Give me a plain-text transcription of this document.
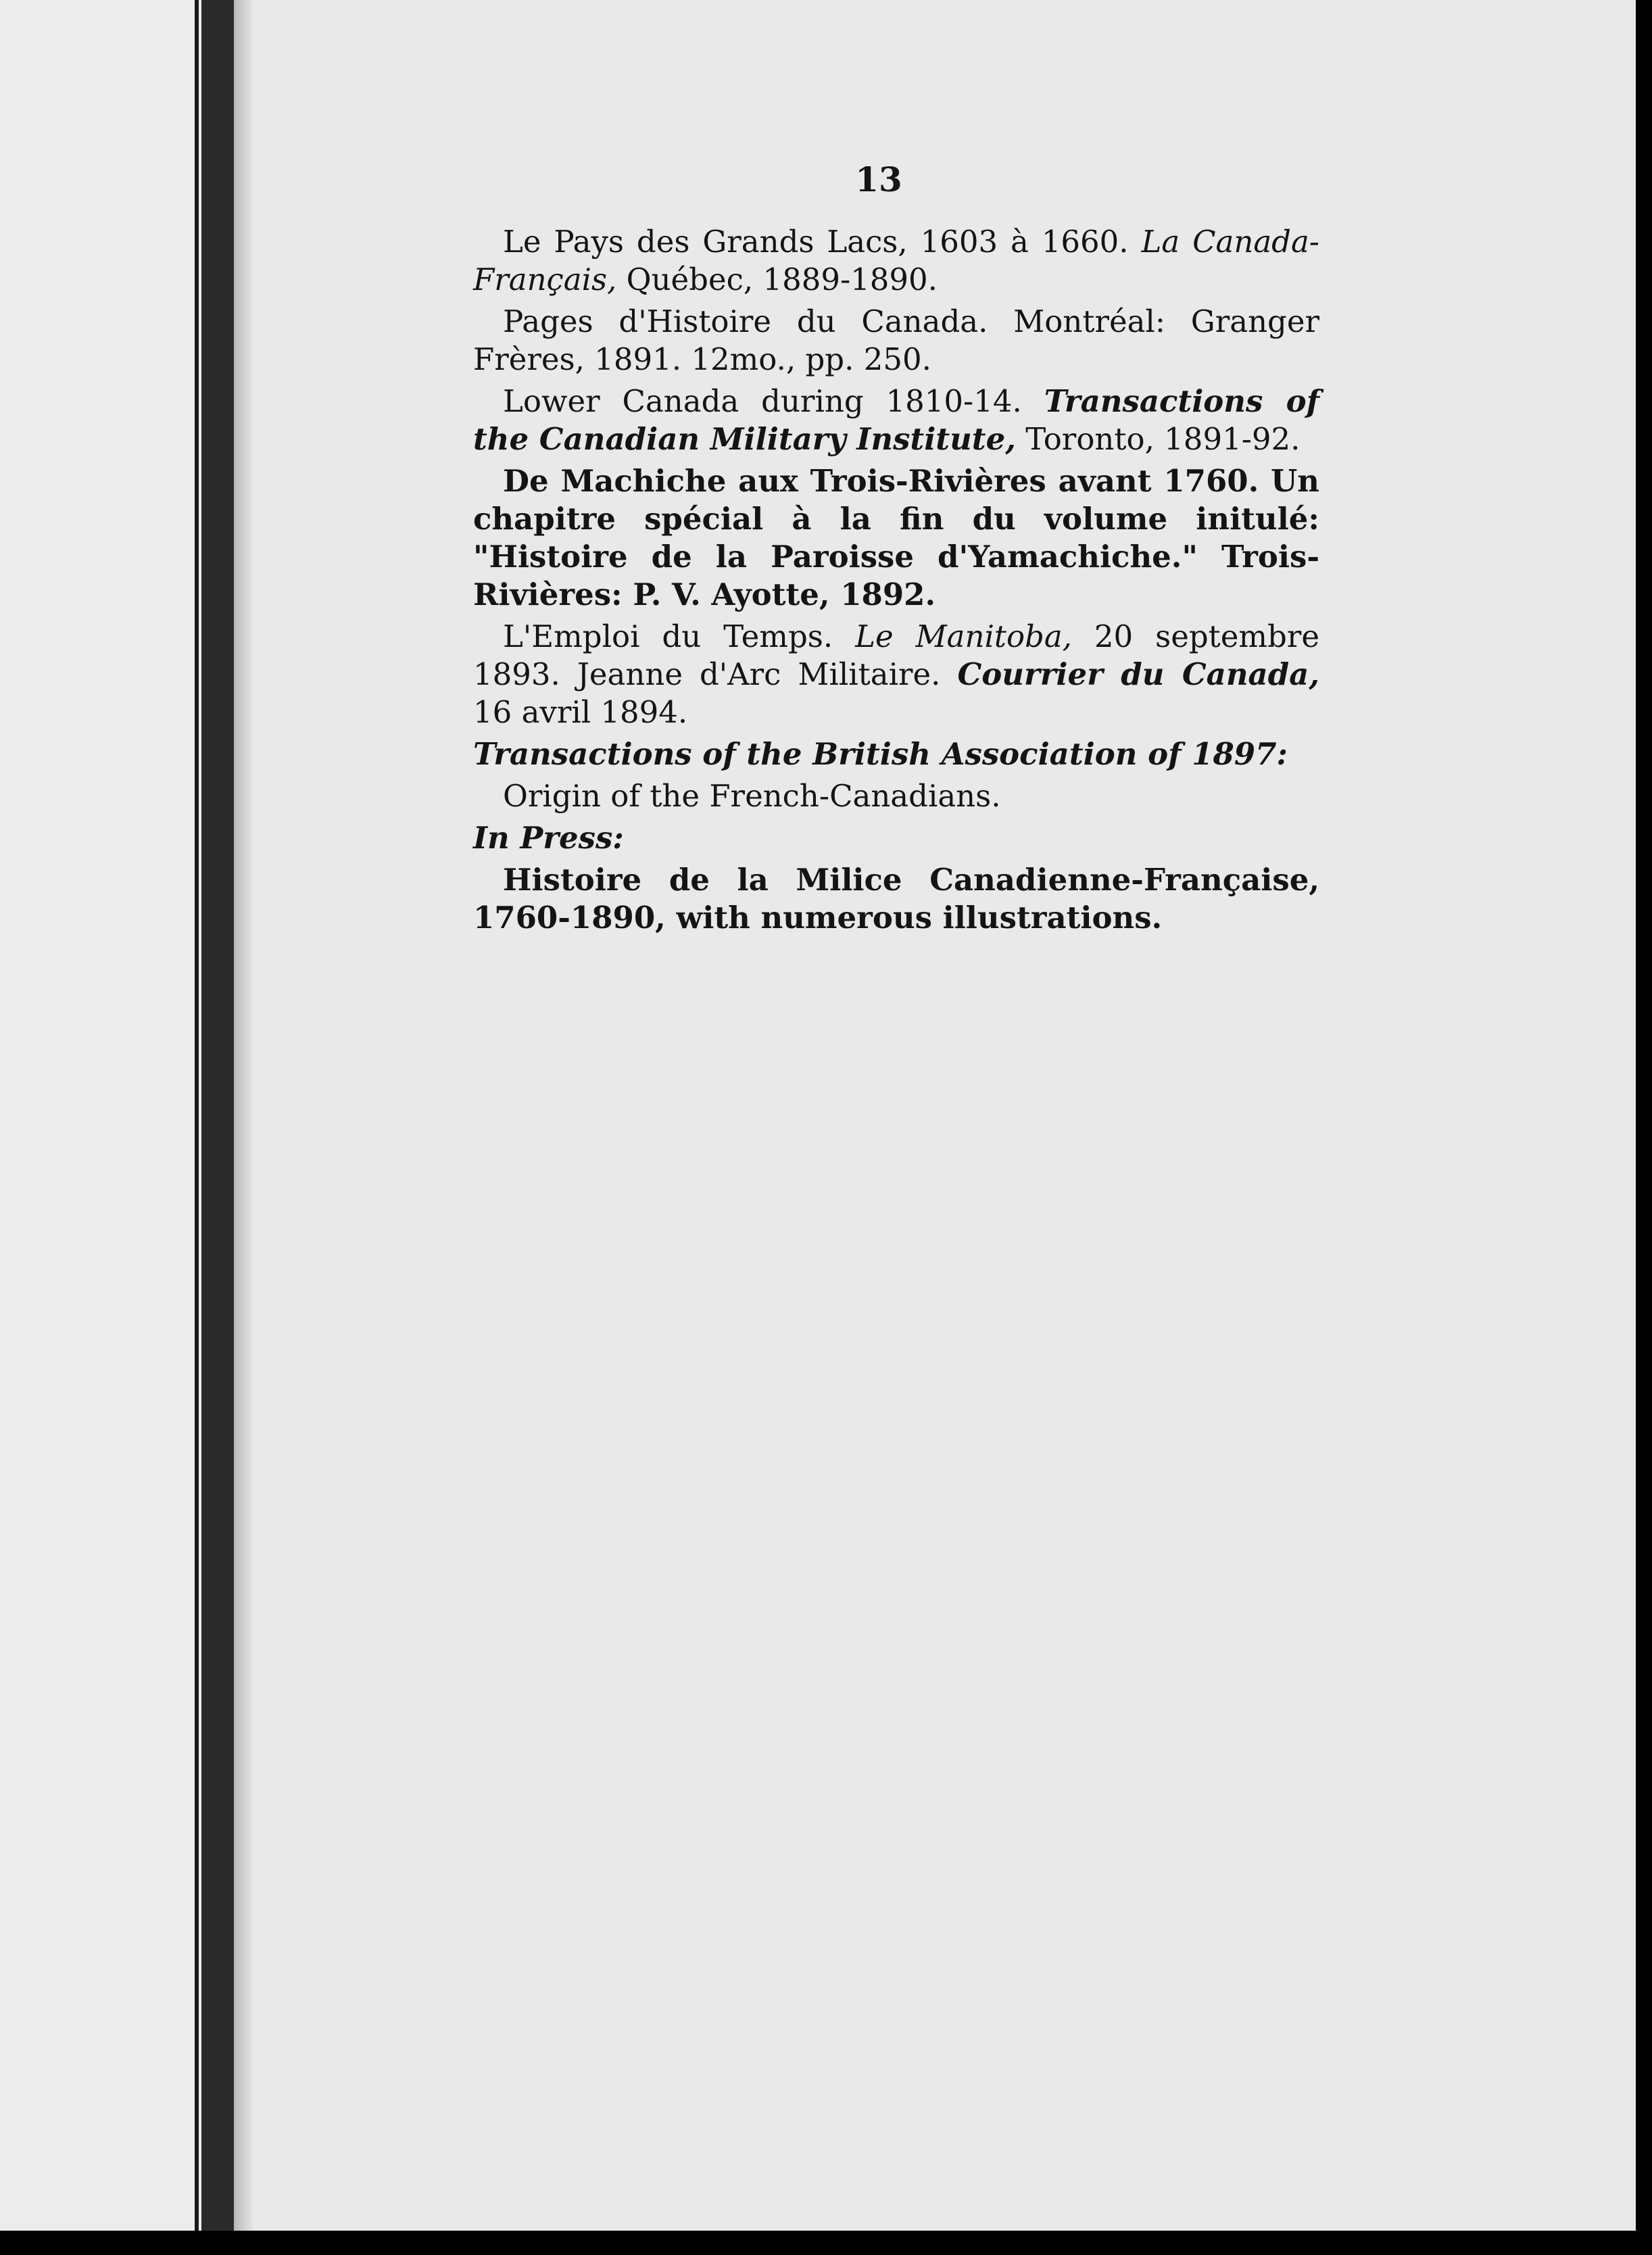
13

Le Pays des Grands Lacs, 1603 à 1660. La Canada-Français, Québec, 1889-1890.

Pages d'Histoire du Canada. Montréal: Granger Frères, 1891. 12mo., pp. 250.

Lower Canada during 1810-14. Transactions of the Canadian Military Institute, Toronto, 1891-92.

De Machiche aux Trois-Rivières avant 1760. Un chapitre spécial à la fin du volume initulé: "Histoire de la Paroisse d'Yamachiche." Trois-Rivières: P. V. Ayotte, 1892.

L'Emploi du Temps. Le Manitoba, 20 septembre 1893. Jeanne d'Arc Militaire. Courrier du Canada, 16 avril 1894.

Transactions of the British Association of 1897:

Origin of the French-Canadians.

In Press:

Histoire de la Milice Canadienne-Française, 1760-1890, with numerous illustrations.
